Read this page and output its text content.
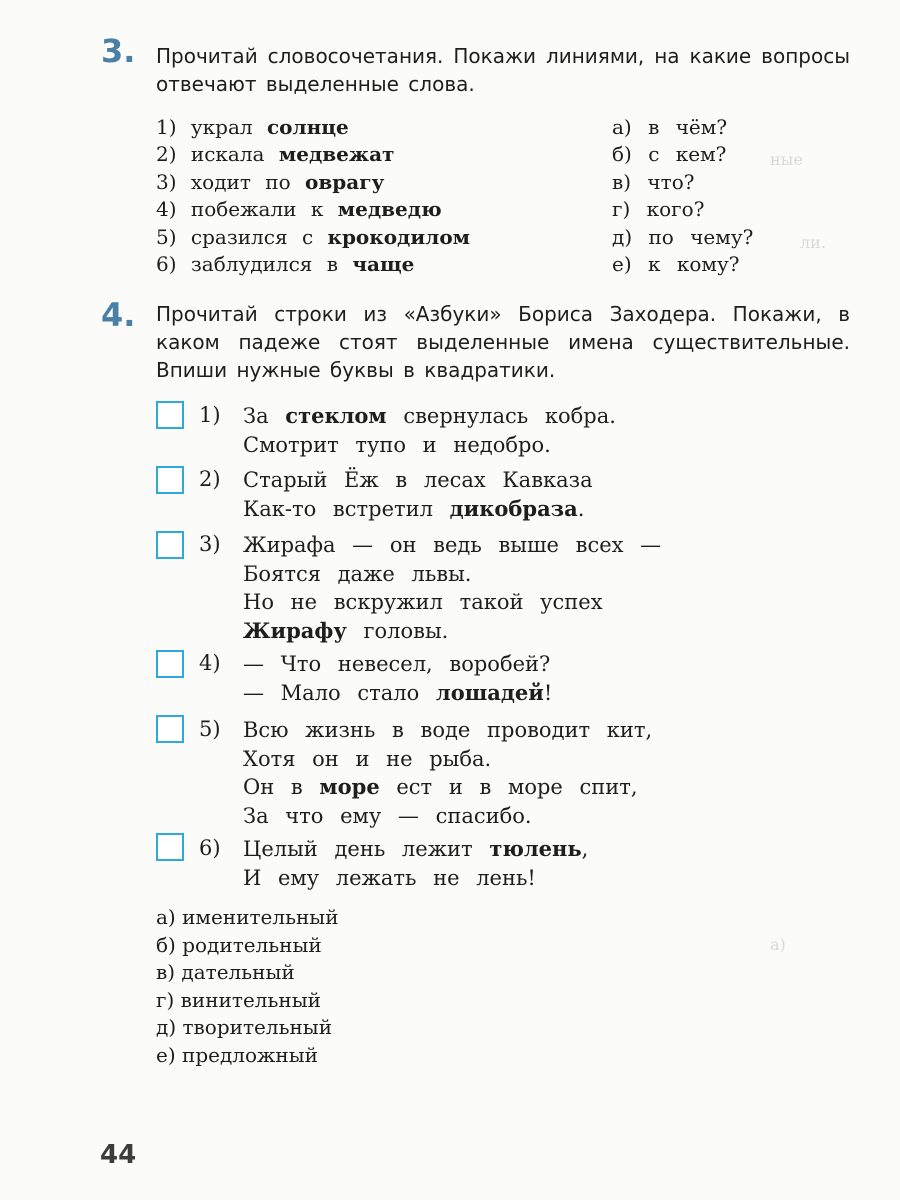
ные
ли.
а)
3. Прочитай словосочетания. Покажи линиями, на какие вопросы отвечают выделенные слова.
1) украл солнце
2) искала медвежат
3) ходит по оврагу
4) побежали к медведю
5) сразился с крокодилом
6) заблудился в чаще
а) в чём?
б) с кем?
в) что?
г) кого?
д) по чему?
е) к кому?
4. Прочитай строки из «Азбуки» Бориса Заходера. Покажи, в каком падеже стоят выделенные имена существительные. Впиши нужные буквы в квадратики.
1) За стеклом свернулась кобра.
Смотрит тупо и недобро.
2) Старый Ёж в лесах Кавказа
Как-то встретил дикобраза.
3) Жирафа — он ведь выше всех —
Боятся даже львы.
Но не вскружил такой успех
Жирафу головы.
4) — Что невесел, воробей?
— Мало стало лошадей!
5) Всю жизнь в воде проводит кит,
Хотя он и не рыба.
Он в море ест и в море спит,
За что ему — спасибо.
6) Целый день лежит тюлень,
И ему лежать не лень!
а) именительный
б) родительный
в) дательный
г) винительный
д) творительный
е) предложный
44
